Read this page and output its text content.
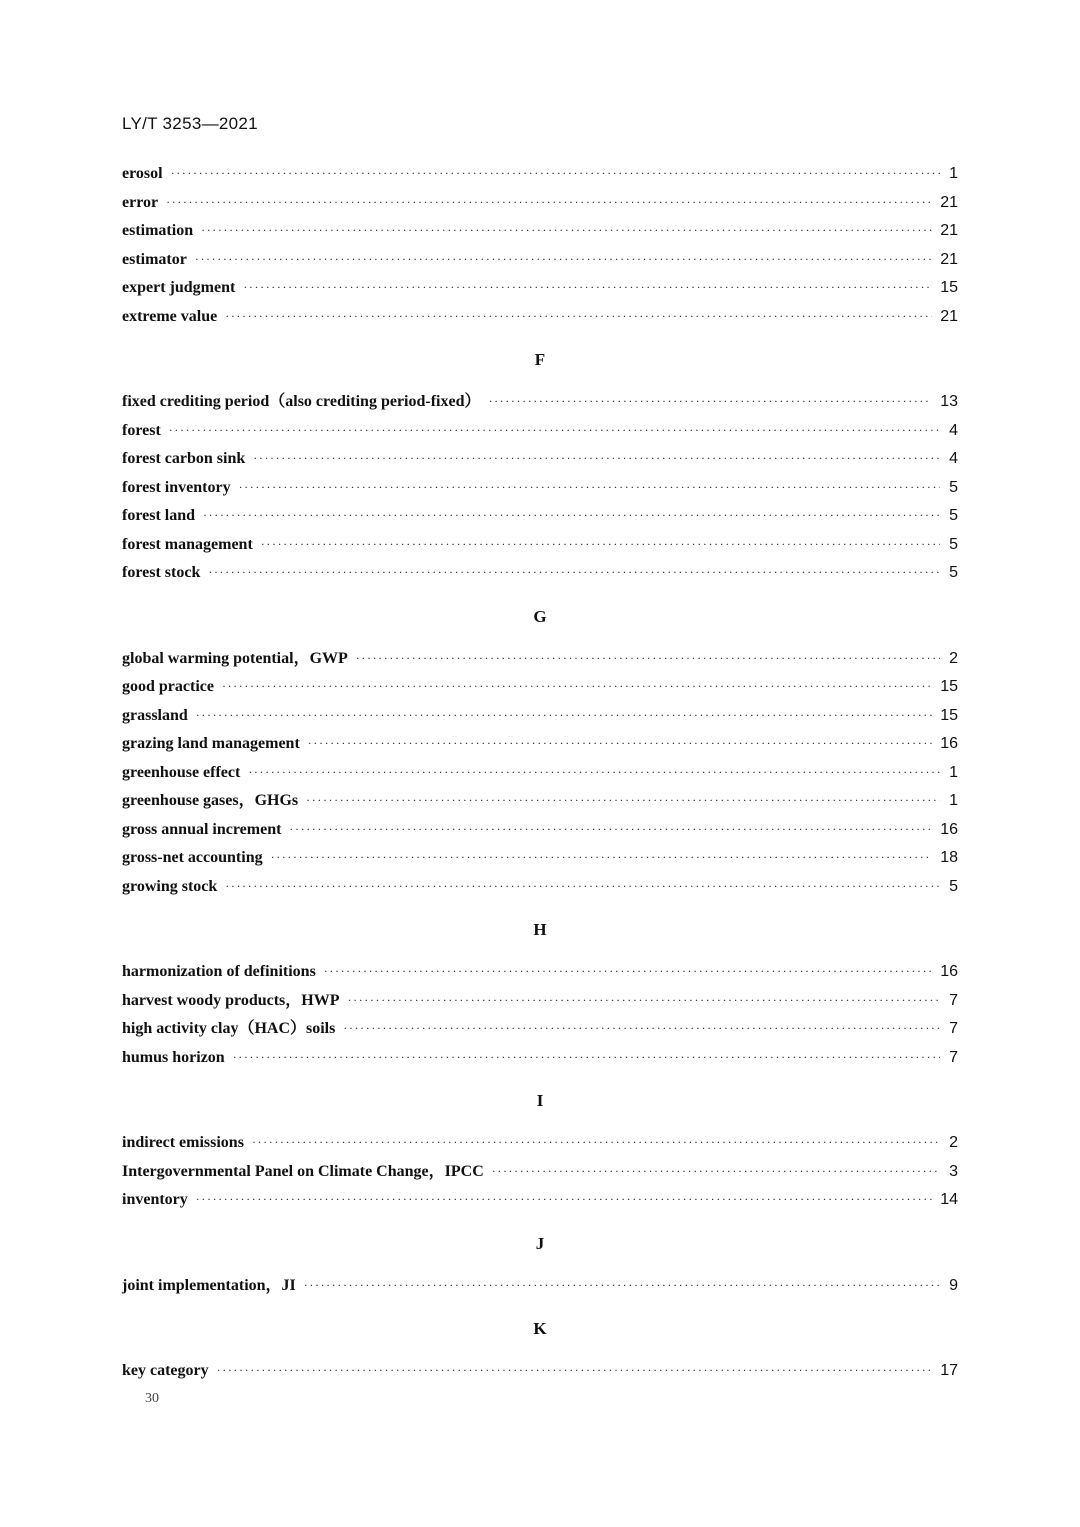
LY/T 3253—2021
erosol ·····	1
error ·····	21
estimation ·····	21
estimator ·····	21
expert judgment ·····	15
extreme value ·····	21
F
fixed crediting period（also crediting period-fixed） ·····	13
forest ·····	4
forest carbon sink ·····	4
forest inventory ·····	5
forest land ·····	5
forest management ·····	5
forest stock ·····	5
G
global warming potential，GWP ·····	2
good practice ·····	15
grassland ·····	15
grazing land management ·····	16
greenhouse effect ·····	1
greenhouse gases，GHGs ·····	1
gross annual increment ·····	16
gross-net accounting ·····	18
growing stock ·····	5
H
harmonization of definitions ·····	16
harvest woody products，HWP ·····	7
high activity clay（HAC）soils ·····	7
humus horizon ·····	7
I
indirect emissions ·····	2
Intergovernmental Panel on Climate Change，IPCC ·····	3
inventory ·····	14
J
joint implementation，JI ·····	9
K
key category ·····	17
30
